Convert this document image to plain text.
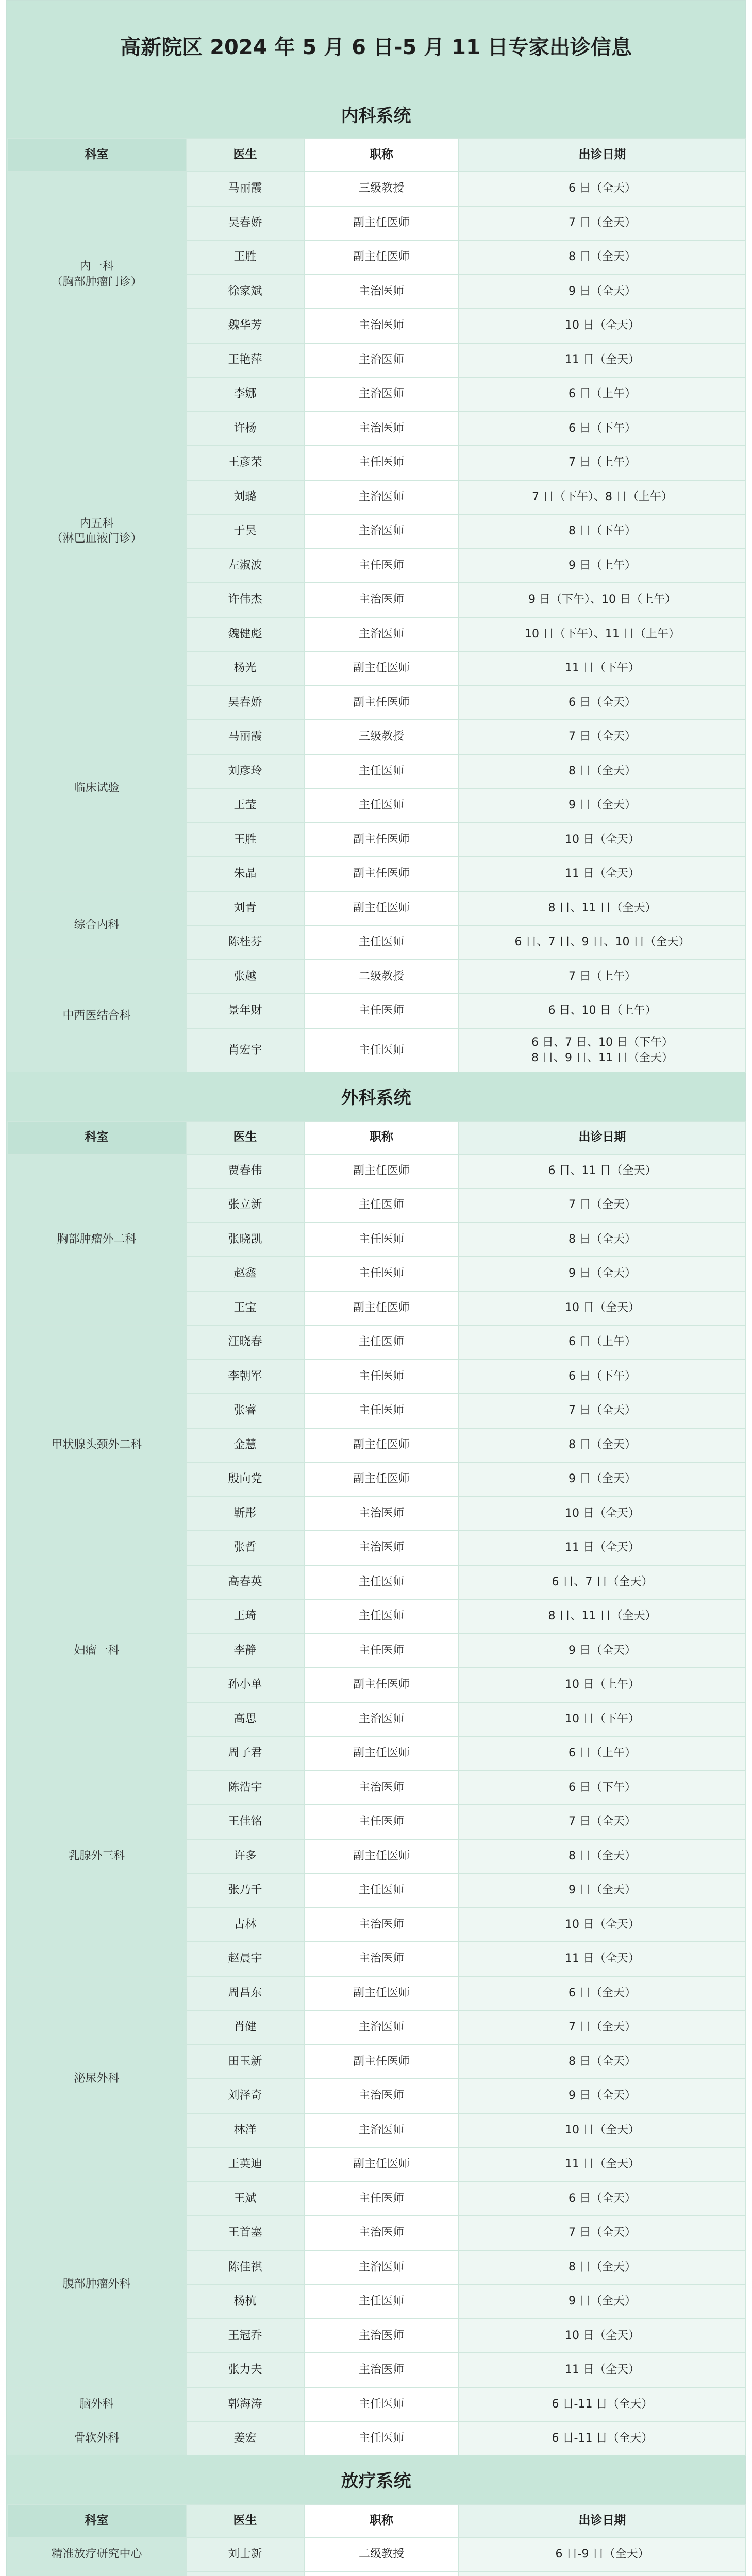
高新院区 2024 年 5 月 6 日-5 月 11 日专家出诊信息
内科系统
科室	医生	职称	出诊日期

内一科
（胸部肿瘤门诊）	马丽霞	三级教授	6 日（全天）

	吴春娇	副主任医师	7 日（全天）

	王胜	副主任医师	8 日（全天）

	徐家斌	主治医师	9 日（全天）

	魏华芳	主治医师	10 日（全天）

	王艳萍	主治医师	11 日（全天）

内五科
（淋巴血液门诊）	李娜	主治医师	6 日（上午）

	许杨	主治医师	6 日（下午）

	王彦荣	主任医师	7 日（上午）

	刘璐	主治医师	7 日（下午）、8 日（上午）

	于昊	主治医师	8 日（下午）

	左淑波	主任医师	9 日（上午）

	许伟杰	主治医师	9 日（下午）、10 日（上午）

	魏健彪	主治医师	10 日（下午）、11 日（上午）

	杨光	副主任医师	11 日（下午）

临床试验	吴春娇	副主任医师	6 日（全天）

	马丽霞	三级教授	7 日（全天）

	刘彦玲	主任医师	8 日（全天）

	王莹	主任医师	9 日（全天）

	王胜	副主任医师	10 日（全天）

	朱晶	副主任医师	11 日（全天）

综合内科	刘青	副主任医师	8 日、11 日（全天）

	陈桂芬	主任医师	6 日、7 日、9 日、10 日（全天）

中西医结合科	张越	二级教授	7 日（上午）

	景年财	主任医师	6 日、10 日（上午）

	肖宏宇	主任医师	6 日、7 日、10 日（下午）
8 日、9 日、11 日（全天）
外科系统
科室	医生	职称	出诊日期

胸部肿瘤外二科	贾春伟	副主任医师	6 日、11 日（全天）

	张立新	主任医师	7 日（全天）

	张晓凯	主任医师	8 日（全天）

	赵鑫	主任医师	9 日（全天）

	王宝	副主任医师	10 日（全天）

甲状腺头颈外二科	汪晓春	主任医师	6 日（上午）

	李朝军	主任医师	6 日（下午）

	张睿	主任医师	7 日（全天）

	金慧	副主任医师	8 日（全天）

	殷向党	副主任医师	9 日（全天）

	靳彤	主治医师	10 日（全天）

	张哲	主治医师	11 日（全天）

妇瘤一科	高春英	主任医师	6 日、7 日（全天）

	王琦	主任医师	8 日、11 日（全天）

	李静	主任医师	9 日（全天）

	孙小单	副主任医师	10 日（上午）

	高思	主治医师	10 日（下午）

乳腺外三科	周子君	副主任医师	6 日（上午）

	陈浩宇	主治医师	6 日（下午）

	王佳铭	主任医师	7 日（全天）

	许多	副主任医师	8 日（全天）

	张乃千	主任医师	9 日（全天）

	古林	主治医师	10 日（全天）

	赵晨宇	主治医师	11 日（全天）

泌尿外科	周昌东	副主任医师	6 日（全天）

	肖健	主治医师	7 日（全天）

	田玉新	副主任医师	8 日（全天）

	刘泽奇	主治医师	9 日（全天）

	林洋	主治医师	10 日（全天）

	王英迪	副主任医师	11 日（全天）

腹部肿瘤外科	王斌	主任医师	6 日（全天）

	王首塞	主治医师	7 日（全天）

	陈佳祺	主治医师	8 日（全天）

	杨杭	主任医师	9 日（全天）

	王冠乔	主治医师	10 日（全天）

	张力夫	主治医师	11 日（全天）

脑外科	郭海涛	主任医师	6 日-11 日（全天）

骨软外科	姜宏	主任医师	6 日-11 日（全天）
放疗系统
科室	医生	职称	出诊日期

精准放疗研究中心	刘士新	二级教授	6 日-9 日（全天）
